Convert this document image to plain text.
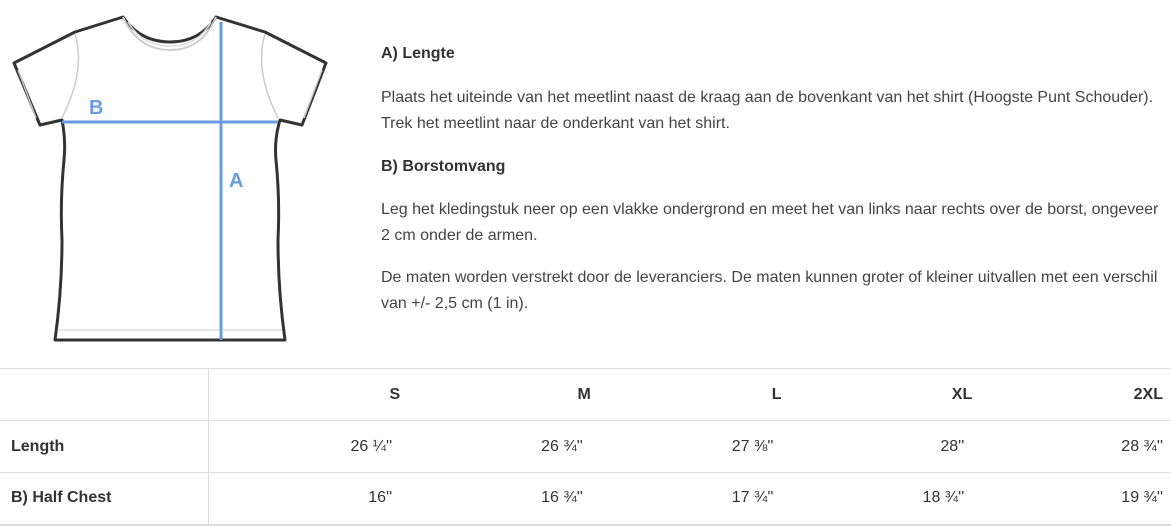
B
A
A) Lengte

Plaats het uiteinde van het meetlint naast de kraag aan de bovenkant van het shirt (Hoogste Punt Schouder). Trek het meetlint naar de onderkant van het shirt.

B) Borstomvang

Leg het kledingstuk neer op een vlakke ondergrond en meet het van links naar rechts over de borst, ongeveer 2 cm onder de armen.

De maten worden verstrekt door de leveranciers. De maten kunnen groter of kleiner uitvallen met een verschil van +/- 2,5 cm (1 in).

	S	M	L	XL	2XL
Length	26 ¼''	26 ¾''	27 ⅜''	28''	28 ¾''
B) Half Chest	16''	16 ¾''	17 ¾''	18 ¾''	19 ¾''
